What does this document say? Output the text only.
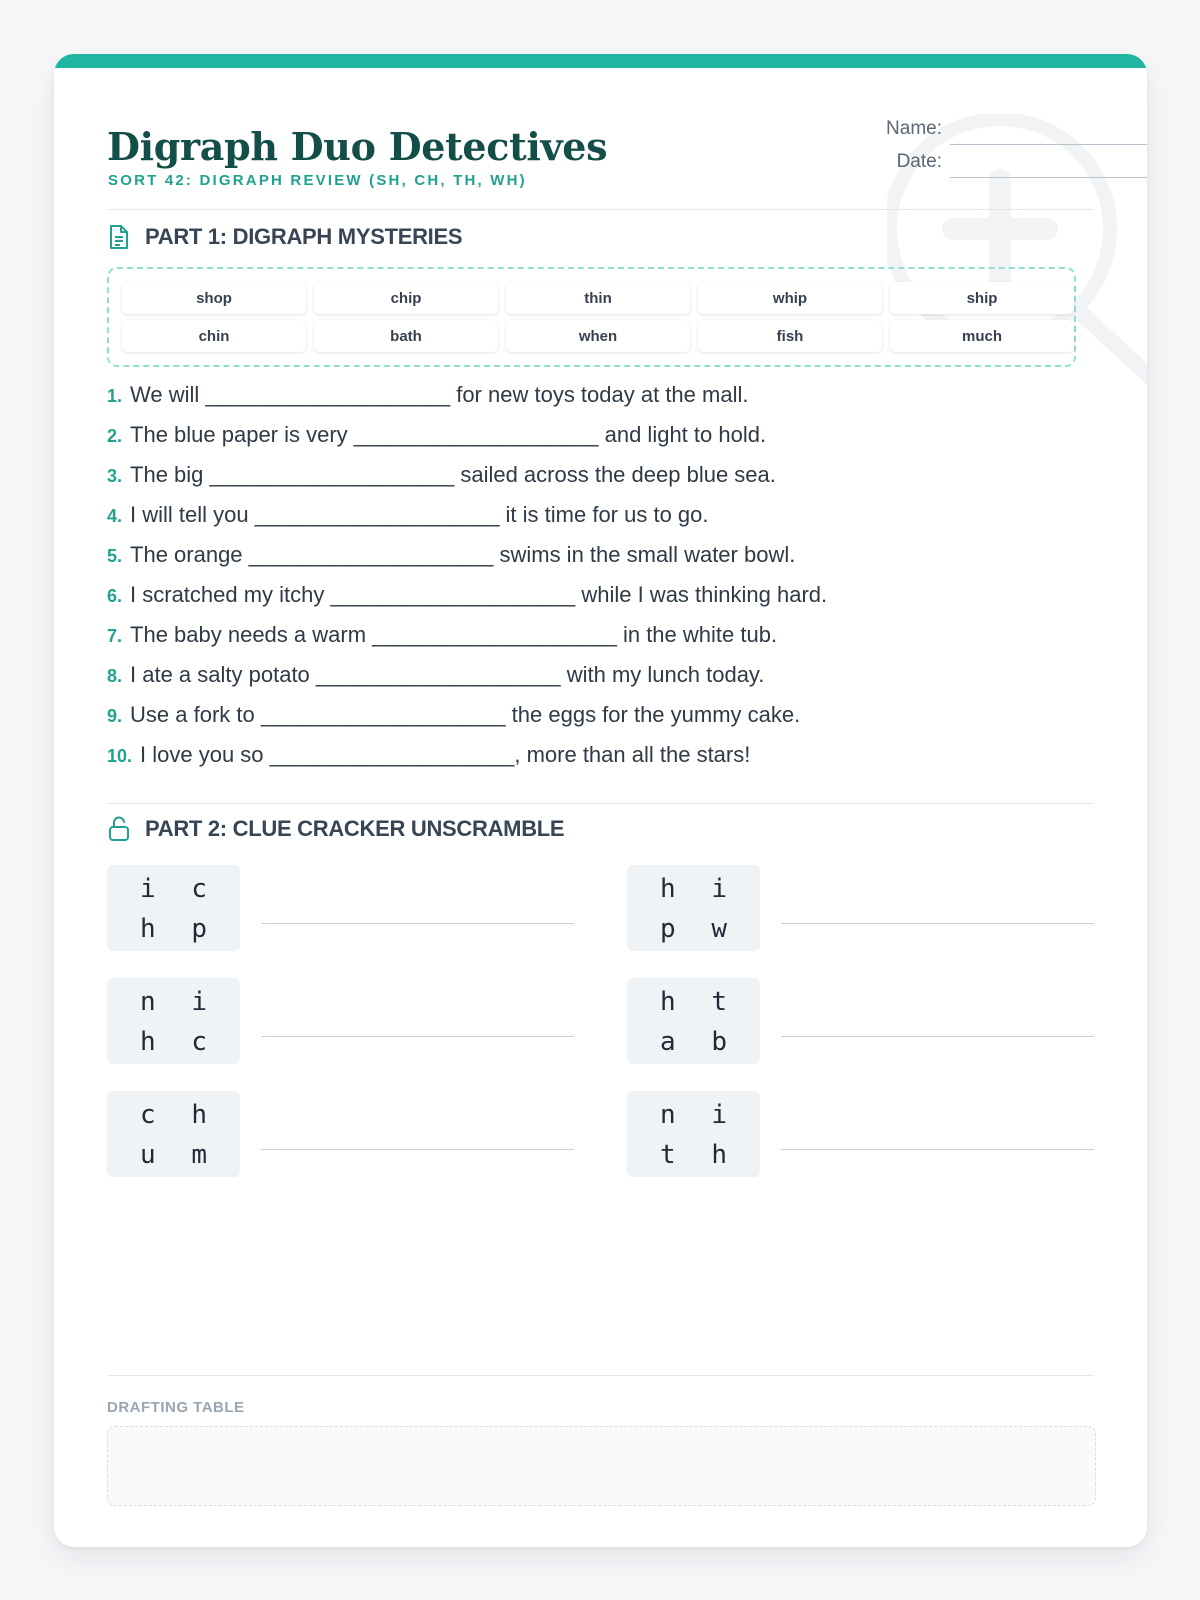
Digraph Duo Detectives
SORT 42: DIGRAPH REVIEW (SH, CH, TH, WH)
Name:
Date:
PART 1: DIGRAPH MYSTERIES
shop	chip	thin	whip	ship
chin	bath	when	fish	much
1. We will ____________________ for new toys today at the mall.
2. The blue paper is very ____________________ and light to hold.
3. The big ____________________ sailed across the deep blue sea.
4. I will tell you ____________________ it is time for us to go.
5. The orange ____________________ swims in the small water bowl.
6. I scratched my itchy ____________________ while I was thinking hard.
7. The baby needs a warm ____________________ in the white tub.
8. I ate a salty potato ____________________ with my lunch today.
9. Use a fork to ____________________ the eggs for the yummy cake.
10. I love you so ____________________, more than all the stars!
PART 2: CLUE CRACKER UNSCRAMBLE
i c h p
h i p w
n i h c
h t a b
c h u m
n i t h
DRAFTING TABLE
